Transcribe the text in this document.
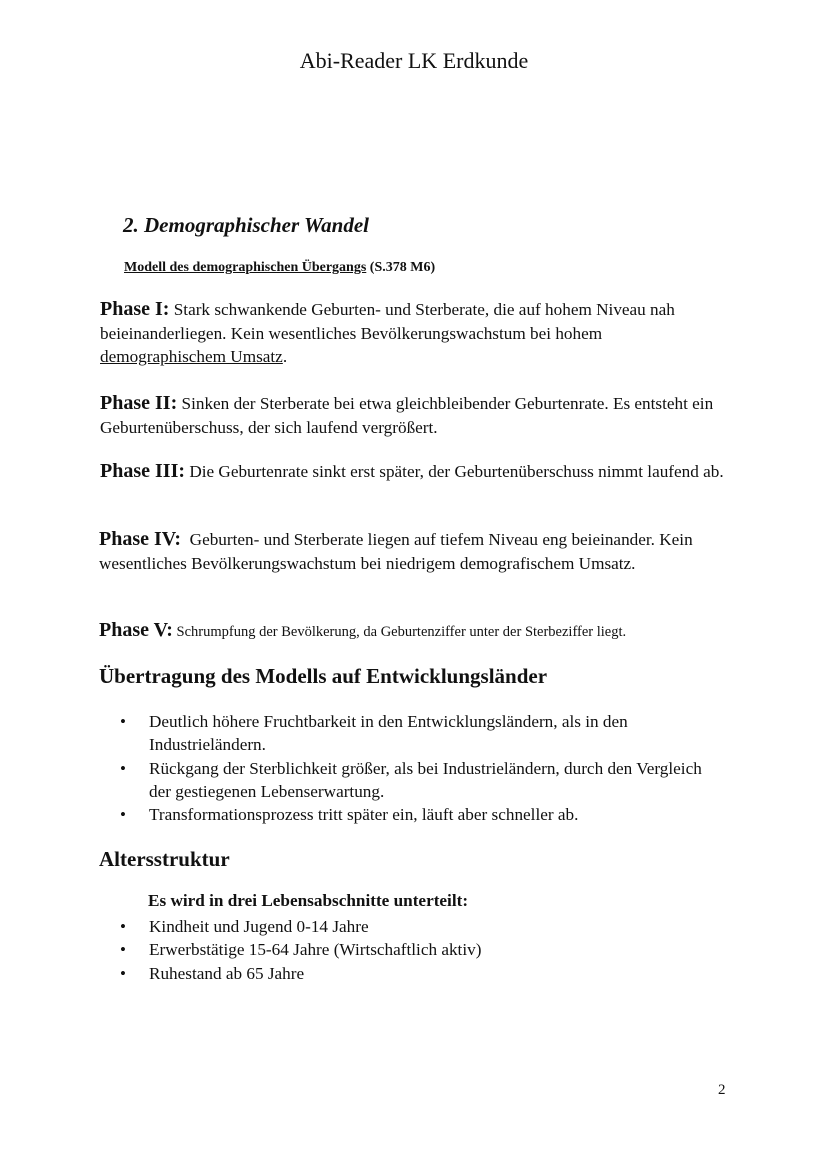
Abi-Reader LK Erdkunde
2. Demographischer Wandel
Modell des demographischen Übergangs (S.378 M6)
Phase I: Stark schwankende Geburten- und Sterberate, die auf hohem Niveau nah beieinanderliegen. Kein wesentliches Bevölkerungswachstum bei hohem demographischem Umsatz.
Phase II: Sinken der Sterberate bei etwa gleichbleibender Geburtenrate. Es entsteht ein Geburtenüberschuss, der sich laufend vergrößert.
Phase III: Die Geburtenrate sinkt erst später, der Geburtenüberschuss nimmt laufend ab.
Phase IV:  Geburten- und Sterberate liegen auf tiefem Niveau eng beieinander. Kein wesentliches Bevölkerungswachstum bei niedrigem demografischem Umsatz.
Phase V: Schrumpfung der Bevölkerung, da Geburtenziffer unter der Sterbeziffer liegt.
Übertragung des Modells auf Entwicklungsländer
• Deutlich höhere Fruchtbarkeit in den Entwicklungsländern, als in den Industrieländern.
• Rückgang der Sterblichkeit größer, als bei Industrieländern, durch den Vergleich der gestiegenen Lebenserwartung.
• Transformationsprozess tritt später ein, läuft aber schneller ab.
Altersstruktur
Es wird in drei Lebensabschnitte unterteilt:
• Kindheit und Jugend 0-14 Jahre
• Erwerbstätige 15-64 Jahre (Wirtschaftlich aktiv)
• Ruhestand ab 65 Jahre
2
